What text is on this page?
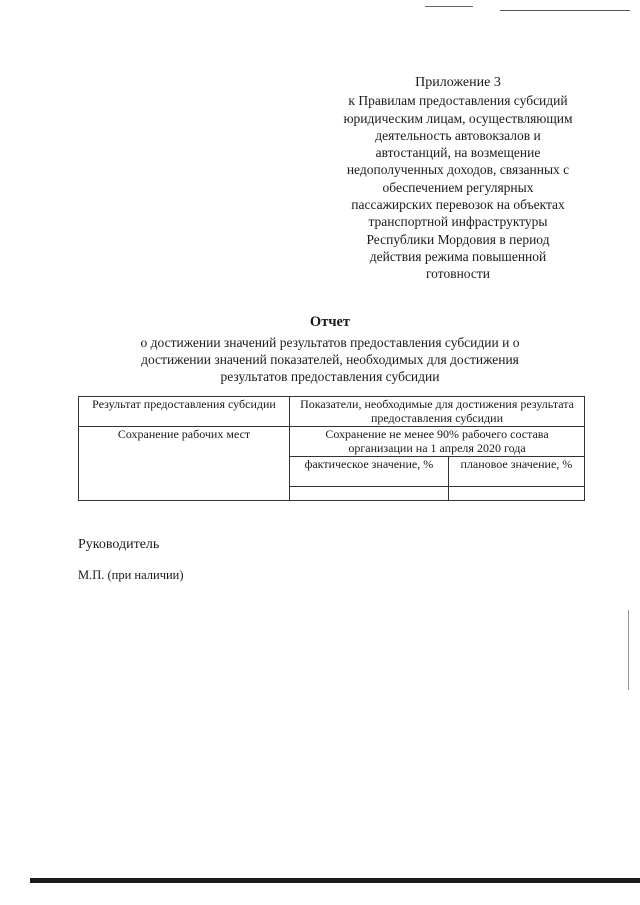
Приложение 3
к Правилам предоставления субсидий
юридическим лицам, осуществляющим
деятельность автовокзалов и
автостанций, на возмещение
недополученных доходов, связанных с
обеспечением регулярных
пассажирских перевозок на объектах
транспортной инфраструктуры
Республики Мордовия в период
действия режима повышенной
готовности
Отчет
о достижении значений результатов предоставления субсидии и о
достижении значений показателей, необходимых для достижения
результатов предоставления субсидии
Результат предоставления субсидии	Показатели, необходимые для достижения результата предоставления субсидии	
Сохранение рабочих мест	Сохранение не менее 90% рабочего состава организации на 1 апреля 2020 года	
	фактическое значение, %	плановое значение, %

Руководитель
М.П. (при наличии)
